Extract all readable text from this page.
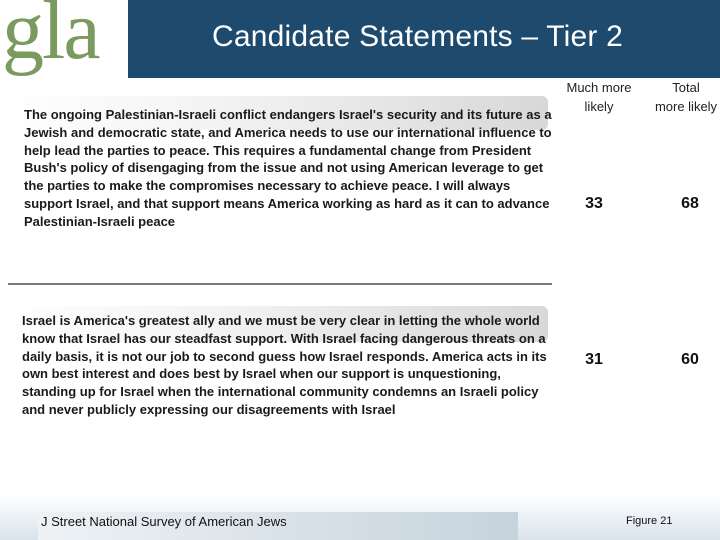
gla	Candidate Statements – Tier 2
Much more
likely
Total
more likely
The ongoing Palestinian-Israeli conflict endangers Israel's security and its future as a Jewish and democratic state, and America needs to use our international influence to help lead the parties to peace. This requires a fundamental change from President Bush's policy of disengaging from the issue and not using American leverage to get the parties to make the compromises necessary to achieve peace. I will always support Israel, and that support means America working as hard as it can to advance Palestinian-Israeli peace
33	68
Israel is America's greatest ally and we must be very clear in letting the whole world know that Israel has our steadfast support. With Israel facing dangerous threats on a daily basis, it is not our job to second guess how Israel responds. America acts in its own best interest and does best by Israel when our support is unquestioning, standing up for Israel when the international community condemns an Israeli policy and never publicly expressing our disagreements with Israel
31	60
J Street National Survey of American Jews	Figure 21
